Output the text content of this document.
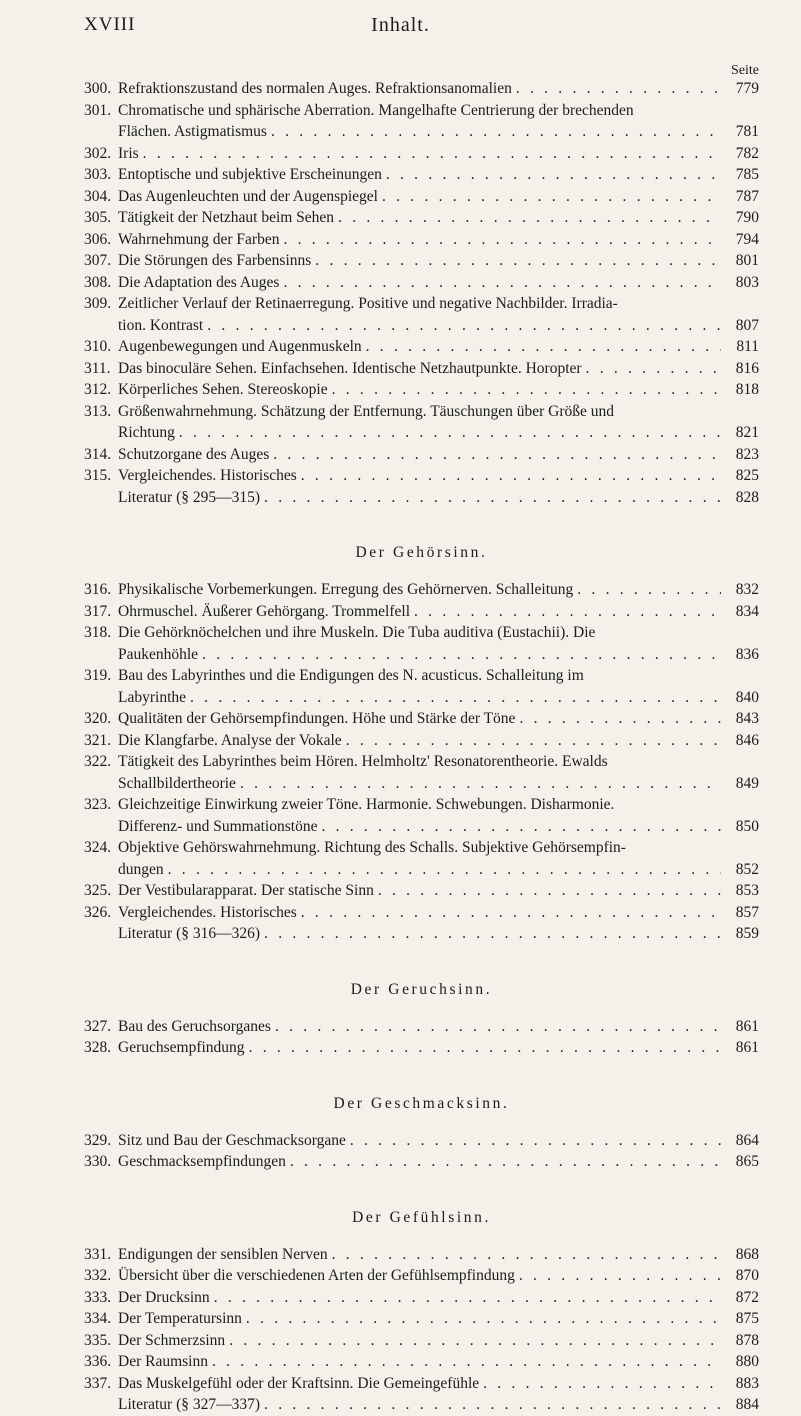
XVIII	Inhalt.
Seite
300. Refraktionszustand des normalen Auges. Refraktionsanomalien . . .	779
301. Chromatische und sphärische Aberration. Mangelhafte Centrierung der brechenden
Flächen. Astigmatismus . . .	781
302. Iris . . .	782
303. Entoptische und subjektive Erscheinungen . . .	785
304. Das Augenleuchten und der Augenspiegel . . .	787
305. Tätigkeit der Netzhaut beim Sehen . . .	790
306. Wahrnehmung der Farben . . .	794
307. Die Störungen des Farbensinns . . .	801
308. Die Adaptation des Auges . . .	803
309. Zeitlicher Verlauf der Retinaerregung. Positive und negative Nachbilder. Irradia-
tion. Kontrast . . .	807
310. Augenbewegungen und Augenmuskeln . . .	811
311. Das binoculäre Sehen. Einfachsehen. Identische Netzhautpunkte. Horopter . . .	816
312. Körperliches Sehen. Stereoskopie . . .	818
313. Größenwahrnehmung. Schätzung der Entfernung. Täuschungen über Größe und
Richtung . . .	821
314. Schutzorgane des Auges . . .	823
315. Vergleichendes. Historisches . . .	825
Literatur (§ 295—315) . . .	828
Der Gehörsinn.
316. Physikalische Vorbemerkungen. Erregung des Gehörnerven. Schalleitung . . .	832
317. Ohrmuschel. Äußerer Gehörgang. Trommelfell . . .	834
318. Die Gehörknöchelchen und ihre Muskeln. Die Tuba auditiva (Eustachii). Die
Paukenhöhle . . .	836
319. Bau des Labyrinthes und die Endigungen des N. acusticus. Schalleitung im
Labyrinthe . . .	840
320. Qualitäten der Gehörsempfindungen. Höhe und Stärke der Töne . . .	843
321. Die Klangfarbe. Analyse der Vokale . . .	846
322. Tätigkeit des Labyrinthes beim Hören. Helmholtz' Resonatorentheorie. Ewalds
Schallbildertheorie . . .	849
323. Gleichzeitige Einwirkung zweier Töne. Harmonie. Schwebungen. Disharmonie.
Differenz- und Summationstöne . . .	850
324. Objektive Gehörswahrnehmung. Richtung des Schalls. Subjektive Gehörsempfin-
dungen . . .	852
325. Der Vestibularapparat. Der statische Sinn . . .	853
326. Vergleichendes. Historisches . . .	857
Literatur (§ 316—326) . . .	859
Der Geruchsinn.
327. Bau des Geruchsorganes . . .	861
328. Geruchsempfindung . . .	861
Der Geschmacksinn.
329. Sitz und Bau der Geschmacksorgane . . .	864
330. Geschmacksempfindungen . . .	865
Der Gefühlsinn.
331. Endigungen der sensiblen Nerven . . .	868
332. Übersicht über die verschiedenen Arten der Gefühlsempfindung . . .	870
333. Der Drucksinn . . .	872
334. Der Temperatursinn . . .	875
335. Der Schmerzsinn . . .	878
336. Der Raumsinn . . .	880
337. Das Muskelgefühl oder der Kraftsinn. Die Gemeingefühle . . .	883
Literatur (§ 327—337) . . .	884
